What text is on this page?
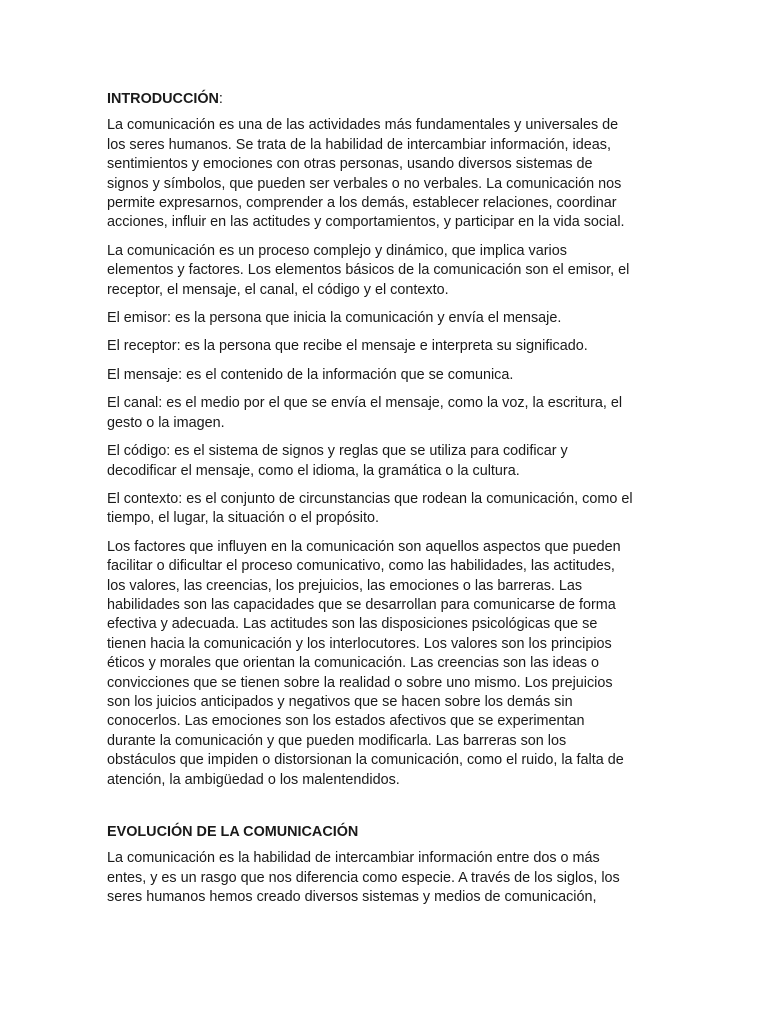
INTRODUCCIÓN:

La comunicación es una de las actividades más fundamentales y universales de
los seres humanos. Se trata de la habilidad de intercambiar información, ideas,
sentimientos y emociones con otras personas, usando diversos sistemas de
signos y símbolos, que pueden ser verbales o no verbales. La comunicación nos
permite expresarnos, comprender a los demás, establecer relaciones, coordinar
acciones, influir en las actitudes y comportamientos, y participar en la vida social.

La comunicación es un proceso complejo y dinámico, que implica varios
elementos y factores. Los elementos básicos de la comunicación son el emisor, el
receptor, el mensaje, el canal, el código y el contexto.

El emisor: es la persona que inicia la comunicación y envía el mensaje.

El receptor: es la persona que recibe el mensaje e interpreta su significado.

El mensaje: es el contenido de la información que se comunica.

El canal: es el medio por el que se envía el mensaje, como la voz, la escritura, el
gesto o la imagen.

El código: es el sistema de signos y reglas que se utiliza para codificar y
decodificar el mensaje, como el idioma, la gramática o la cultura.

El contexto: es el conjunto de circunstancias que rodean la comunicación, como el
tiempo, el lugar, la situación o el propósito.

Los factores que influyen en la comunicación son aquellos aspectos que pueden
facilitar o dificultar el proceso comunicativo, como las habilidades, las actitudes,
los valores, las creencias, los prejuicios, las emociones o las barreras. Las
habilidades son las capacidades que se desarrollan para comunicarse de forma
efectiva y adecuada. Las actitudes son las disposiciones psicológicas que se
tienen hacia la comunicación y los interlocutores. Los valores son los principios
éticos y morales que orientan la comunicación. Las creencias son las ideas o
convicciones que se tienen sobre la realidad o sobre uno mismo. Los prejuicios
son los juicios anticipados y negativos que se hacen sobre los demás sin
conocerlos. Las emociones son los estados afectivos que se experimentan
durante la comunicación y que pueden modificarla. Las barreras son los
obstáculos que impiden o distorsionan la comunicación, como el ruido, la falta de
atención, la ambigüedad o los malentendidos.

EVOLUCIÓN DE LA COMUNICACIÓN

La comunicación es la habilidad de intercambiar información entre dos o más
entes, y es un rasgo que nos diferencia como especie. A través de los siglos, los
seres humanos hemos creado diversos sistemas y medios de comunicación,
